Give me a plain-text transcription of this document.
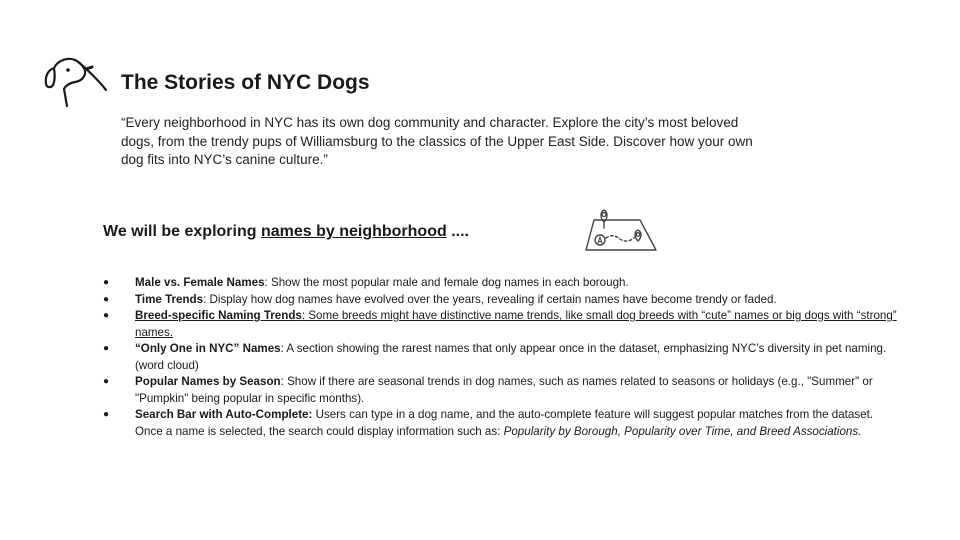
The Stories of NYC Dogs

“Every neighborhood in NYC has its own dog community and character. Explore the city’s most beloved dogs, from the trendy pups of Williamsburg to the classics of the Upper East Side. Discover how your own dog fits into NYC’s canine culture.”

We will be exploring names by neighborhood ....
●	Male vs. Female Names: Show the most popular male and female dog names in each borough.
●	Time Trends: Display how dog names have evolved over the years, revealing if certain names have become trendy or faded.
●	Breed-specific Naming Trends: Some breeds might have distinctive name trends, like small dog breeds with “cute” names or big dogs with “strong” names.
●	“Only One in NYC” Names: A section showing the rarest names that only appear once in the dataset, emphasizing NYC’s diversity in pet naming. (word cloud)
●	Popular Names by Season: Show if there are seasonal trends in dog names, such as names related to seasons or holidays (e.g., "Summer" or "Pumpkin" being popular in specific months).
●	Search Bar with Auto-Complete: Users can type in a dog name, and the auto-complete feature will suggest popular matches from the dataset. Once a name is selected, the search could display information such as: Popularity by Borough, Popularity over Time, and Breed Associations.
